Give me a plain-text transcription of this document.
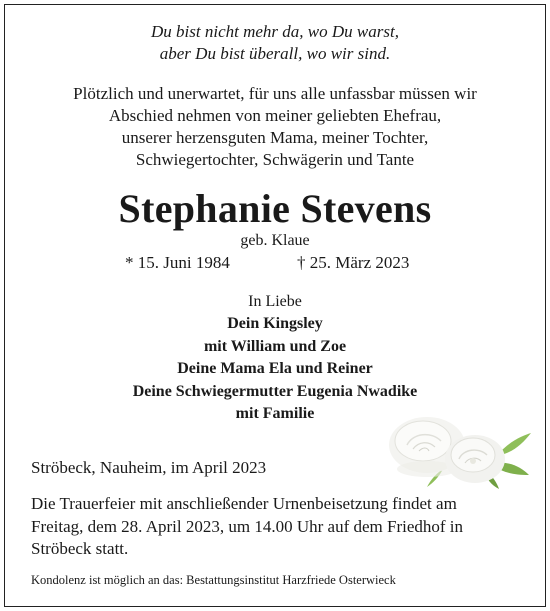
Du bist nicht mehr da, wo Du warst,
aber Du bist überall, wo wir sind.
Plötzlich und unerwartet, für uns alle unfassbar müssen wir
Abschied nehmen von meiner geliebten Ehefrau,
unserer herzensguten Mama, meiner Tochter,
Schwiegertochter, Schwägerin und Tante
Stephanie Stevens
geb. Klaue
* 15. Juni 1984	† 25. März 2023
In Liebe
Dein Kingsley
mit William und Zoe
Deine Mama Ela und Reiner
Deine Schwiegermutter Eugenia Nwadike
mit Familie
Ströbeck, Nauheim, im April 2023
Die Trauerfeier mit anschließender Urnenbeisetzung findet am
Freitag, dem 28. April 2023, um 14.00 Uhr auf dem Friedhof in
Ströbeck statt.
Kondolenz ist möglich an das: Bestattungsinstitut Harzfriede Osterwieck
